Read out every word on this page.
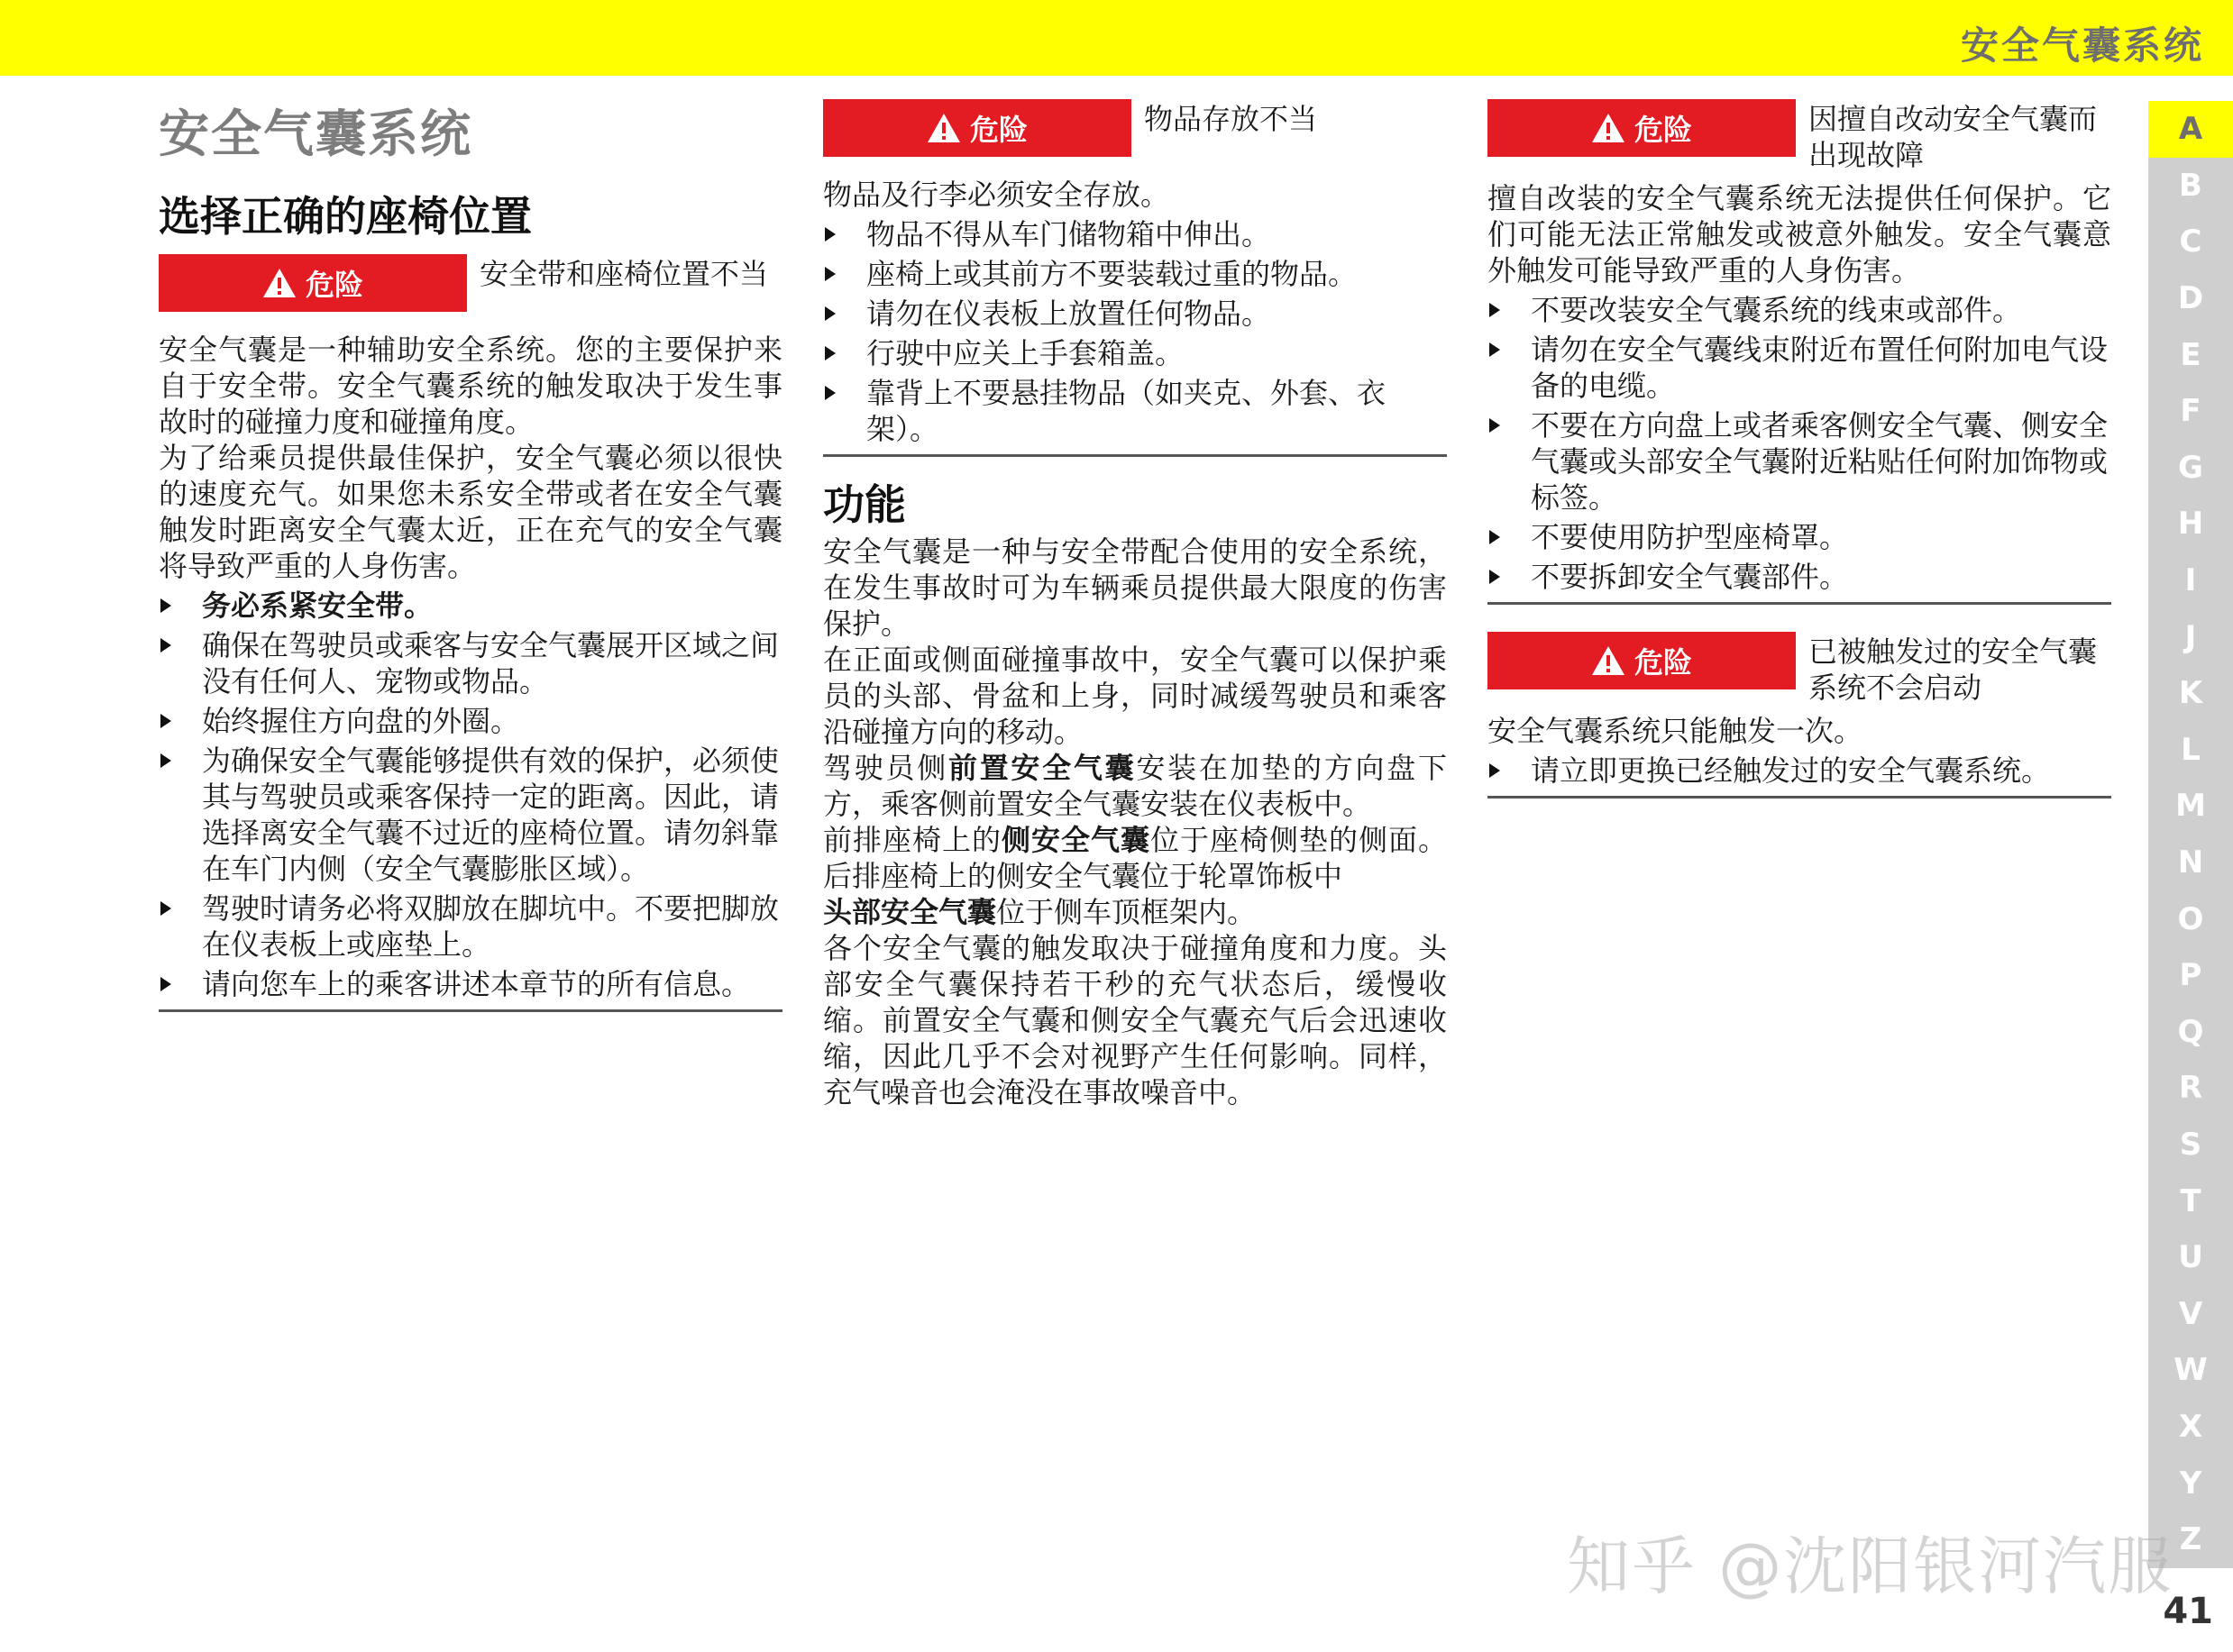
安全气囊系统
安全气囊系统
选择正确的座椅位置
危险	安全带和座椅位置不当

安全气囊是一种辅助安全系统。您的主要保护来自于安全带。安全气囊系统的触发取决于发生事故时的碰撞力度和碰撞角度。

为了给乘员提供最佳保护，安全气囊必须以很快的速度充气。如果您未系安全带或者在安全气囊触发时距离安全气囊太近，正在充气的安全气囊将导致严重的人身伤害。

务必系紧安全带。
确保在驾驶员或乘客与安全气囊展开区域之间没有任何人、宠物或物品。
始终握住方向盘的外圈。
为确保安全气囊能够提供有效的保护，必须使其与驾驶员或乘客保持一定的距离。因此，请选择离安全气囊不过近的座椅位置。请勿斜靠在车门内侧（安全气囊膨胀区域）。
驾驶时请务必将双脚放在脚坑中。不要把脚放在仪表板上或座垫上。
请向您车上的乘客讲述本章节的所有信息。
危险	物品存放不当

物品及行李必须安全存放。

物品不得从车门储物箱中伸出。
座椅上或其前方不要装载过重的物品。
请勿在仪表板上放置任何物品。
行驶中应关上手套箱盖。
靠背上不要悬挂物品（如夹克、外套、衣架）。
功能

安全气囊是一种与安全带配合使用的安全系统，在发生事故时可为车辆乘员提供最大限度的伤害保护。

在正面或侧面碰撞事故中，安全气囊可以保护乘员的头部、骨盆和上身，同时减缓驾驶员和乘客沿碰撞方向的移动。

驾驶员侧前置安全气囊安装在加垫的方向盘下方，乘客侧前置安全气囊安装在仪表板中。

前排座椅上的侧安全气囊位于座椅侧垫的侧面。后排座椅上的侧安全气囊位于轮罩饰板中

头部安全气囊位于侧车顶框架内。

各个安全气囊的触发取决于碰撞角度和力度。头部安全气囊保持若干秒的充气状态后，缓慢收缩。前置安全气囊和侧安全气囊充气后会迅速收缩，因此几乎不会对视野产生任何影响。同样，充气噪音也会淹没在事故噪音中。

危险	因擅自改动安全气囊而出现故障

擅自改装的安全气囊系统无法提供任何保护。它们可能无法正常触发或被意外触发。安全气囊意外触发可能导致严重的人身伤害。

不要改装安全气囊系统的线束或部件。
请勿在安全气囊线束附近布置任何附加电气设备的电缆。
不要在方向盘上或者乘客侧安全气囊、侧安全气囊或头部安全气囊附近粘贴任何附加饰物或标签。
不要使用防护型座椅罩。
不要拆卸安全气囊部件。
危险	已被触发过的安全气囊系统不会启动

安全气囊系统只能触发一次。

请立即更换已经触发过的安全气囊系统。
A
B
C
D
E
F
G
H
I
J
K
L
M
N
O
P
Q
R
S
T
U
V
W
X
Y
Z
知乎 @沈阳银河汽服
41
